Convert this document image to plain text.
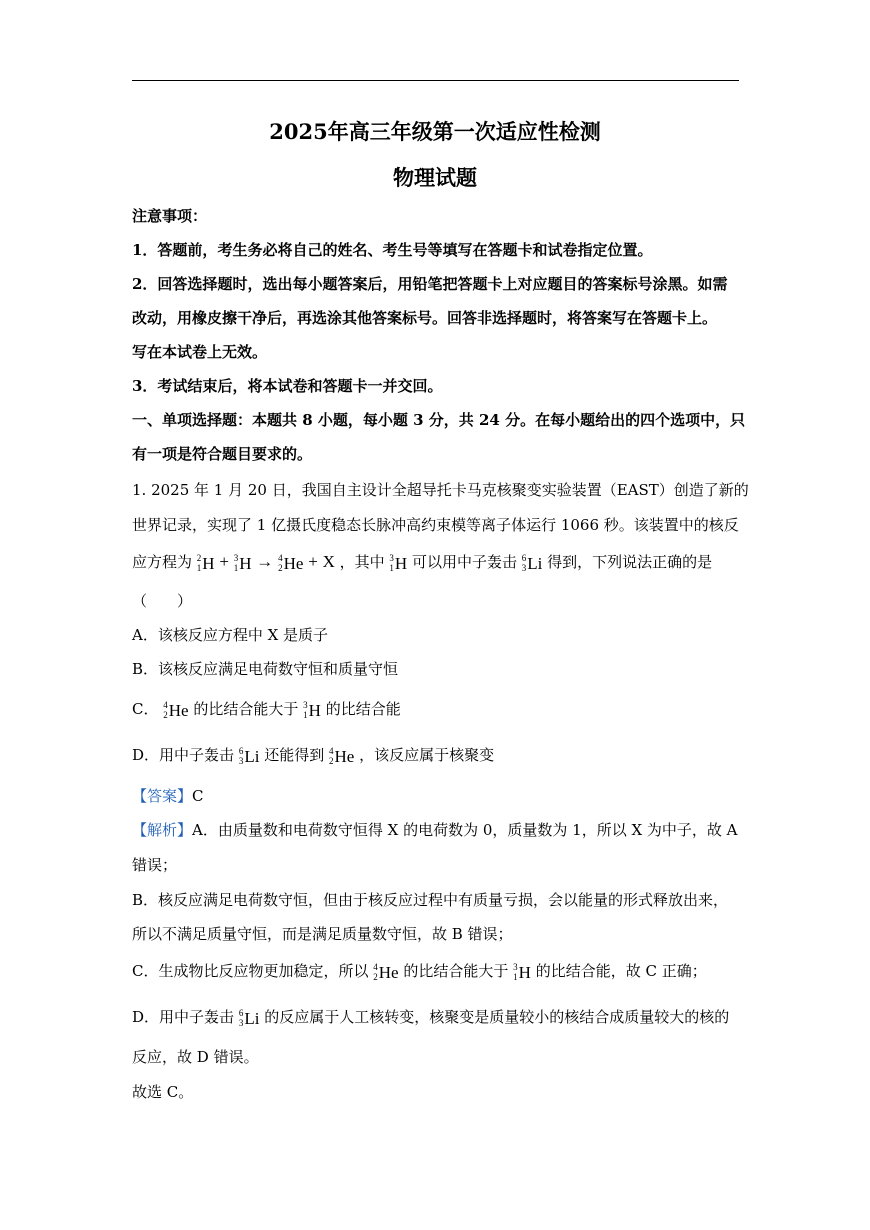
2025年高三年级第一次适应性检测
物理试题
注意事项：
1．答题前，考生务必将自己的姓名、考生号等填写在答题卡和试卷指定位置。
2．回答选择题时，选出每小题答案后，用铅笔把答题卡上对应题目的答案标号涂黑。如需
改动，用橡皮擦干净后，再选涂其他答案标号。回答非选择题时，将答案写在答题卡上。
写在本试卷上无效。
3．考试结束后，将本试卷和答题卡一并交回。
一、单项选择题：本题共 8 小题，每小题 3 分，共 24 分。在每小题给出的四个选项中，只
有一项是符合题目要求的。
1. 2025 年 1 月 20 日，我国自主设计全超导托卡马克核聚变实验装置（EAST）创造了新的
世界记录，实现了 1 亿摄氏度稳态长脉冲高约束模等离子体运行 1066 秒。该装置中的核反
应方程为 2
1 H + 3
1 H → 4
2 He + X ，其中 3
1 H 可以用中子轰击 6
3 Li 得到，下列说法正确的是
（　　）
A．该核反应方程中 X 是质子
B．该核反应满足电荷数守恒和质量守恒
C． 4
2 He 的比结合能大于 3
1 H 的比结合能
D．用中子轰击 6
3 Li 还能得到 4
2 He ，该反应属于核聚变
【答案】C
【解析】A．由质量数和电荷数守恒得 X 的电荷数为 0，质量数为 1，所以 X 为中子，故 A
错误；
B．核反应满足电荷数守恒，但由于核反应过程中有质量亏损，会以能量的形式释放出来，
所以不满足质量守恒，而是满足质量数守恒，故 B 错误；
C．生成物比反应物更加稳定，所以 4
2 He 的比结合能大于 3
1 H 的比结合能，故 C 正确；
D．用中子轰击 6
3 Li 的反应属于人工核转变，核聚变是质量较小的核结合成质量较大的核的
反应，故 D 错误。
故选 C。
